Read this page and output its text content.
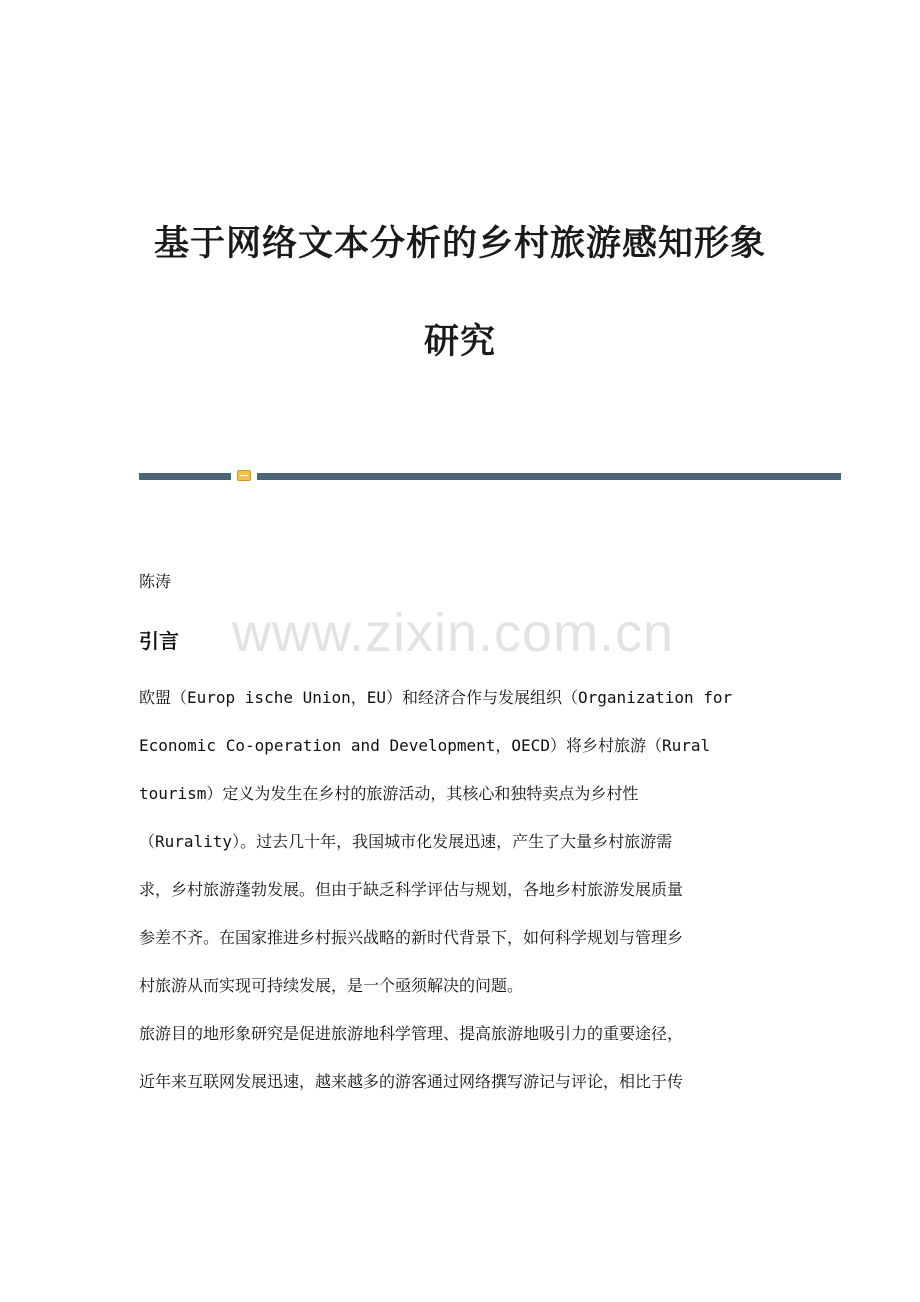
基于网络文本分析的乡村旅游感知形象
研究

陈涛

www.zixin.com.cn

引言
欧盟（Europ ische Union，EU）和经济合作与发展组织（Organization for
Economic Co-operation and Development，OECD）将乡村旅游（Rural
tourism）定义为发生在乡村的旅游活动，其核心和独特卖点为乡村性
（Rurality）。过去几十年，我国城市化发展迅速，产生了大量乡村旅游需
求，乡村旅游蓬勃发展。但由于缺乏科学评估与规划，各地乡村旅游发展质量
参差不齐。在国家推进乡村振兴战略的新时代背景下，如何科学规划与管理乡
村旅游从而实现可持续发展，是一个亟须解决的问题。
旅游目的地形象研究是促进旅游地科学管理、提高旅游地吸引力的重要途径，
近年来互联网发展迅速，越来越多的游客通过网络撰写游记与评论，相比于传
